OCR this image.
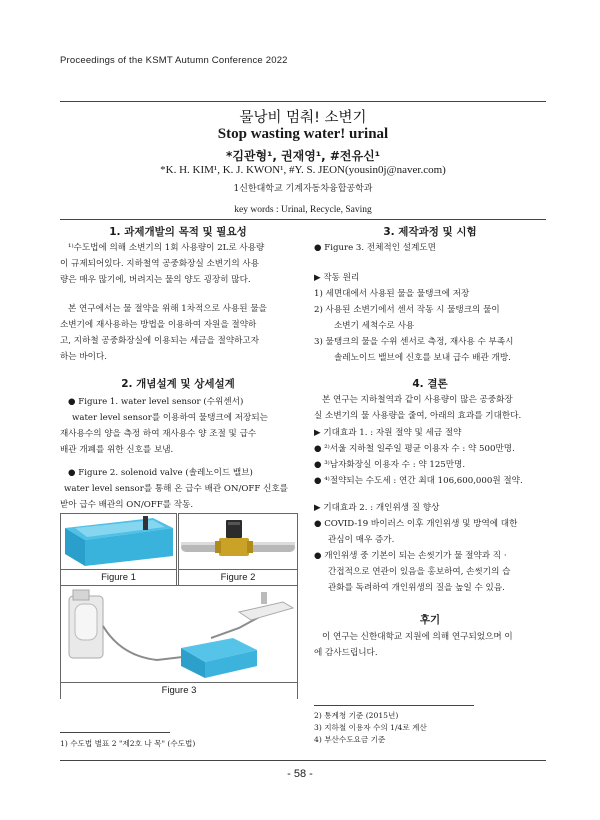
Proceedings of the KSMT Autumn Conference 2022
물낭비 멈춰! 소변기
Stop wasting water! urinal
*김관형¹, 권재영¹, #전유신¹
*K. H. KIM¹, K. J. KWON¹, #Y. S. JEON(yousin0j@naver.com)
1신한대학교 기계자동차융합공학과
key words : Urinal, Recycle, Saving
1. 과제개발의 목적 및 필요성
¹⁾수도법에 의해 소변기의 1회 사용량이 2L로 사용량
이 규제되어있다. 지하철역 공중화장실 소변기의 사용
량은 매우 많기에, 버려지는 물의 양도 굉장히 많다.
본 연구에서는 물 절약을 위해 1차적으로 사용된 물을
소변기에 재사용하는 방법을 이용하여 자원을 절약하
고, 지하철 공중화장실에 이용되는 세금을 절약하고자
하는 바이다.
2. 개념설계 및 상세설계
● Figure 1. water level sensor (수위센서)
water level sensor를 이용하여 물탱크에 저장되는
재사용수의 양을 측정 하여 재사용수 양 조절 및 급수
배관 개폐를 위한 신호를 보냄.
● Figure 2. solenoid valve (솔레노이드 밸브)
water level sensor를 통해 온 급수 배관 ON/OFF 신호를
받아 급수 배관의 ON/OFF를 작동.
Figure 1	Figure 2
Figure 3
1) 수도법 별표 2 "제2호 나 목" (수도법)
3. 제작과정 및 시험
● Figure 3. 전체적인 설계도면
▶ 작동 원리
1) 세면대에서 사용된 물을 물탱크에 저장
2) 사용된 소변기에서 센서 작동 시 물탱크의 물이
소변기 세척수로 사용
3) 물탱크의 물을 수위 센서로 측정, 재사용 수 부족시
솔레노이드 밸브에 신호를 보내 급수 배관 개방.
4. 결론
본 연구는 지하철역과 같이 사용량이 많은 공중화장
실 소변기의 물 사용량을 줄여, 아래의 효과를 기대한다.
▶ 기대효과 1. : 자원 절약 및 세금 절약
● ²⁾서울 지하철 일주일 평균 이용자 수 : 약 500만명.
● ³⁾남자화장실 이용자 수 : 약 125만명.
● ⁴⁾절약되는 수도세 : 연간 최대 106,600,000원 절약.
▶ 기대효과 2. : 개인위생 질 향상
● COVID-19 바이러스 이후 개인위생 및 방역에 대한
관심이 매우 증가.
● 개인위생 중 기본이 되는 손씻기가 물 절약과 직 ·
간접적으로 연관이 있음을 홍보하여, 손씻기의 습
관화를 독려하여 개인위생의 질을 높일 수 있음.
후기
이 연구는 신한대학교 지원에 의해 연구되었으며 이
에 감사드립니다.
2) 통계청 기준 (2015년)
3) 지하철 이용자 수의 1/4로 계산
4) 부산수도요금 기준
- 58 -
